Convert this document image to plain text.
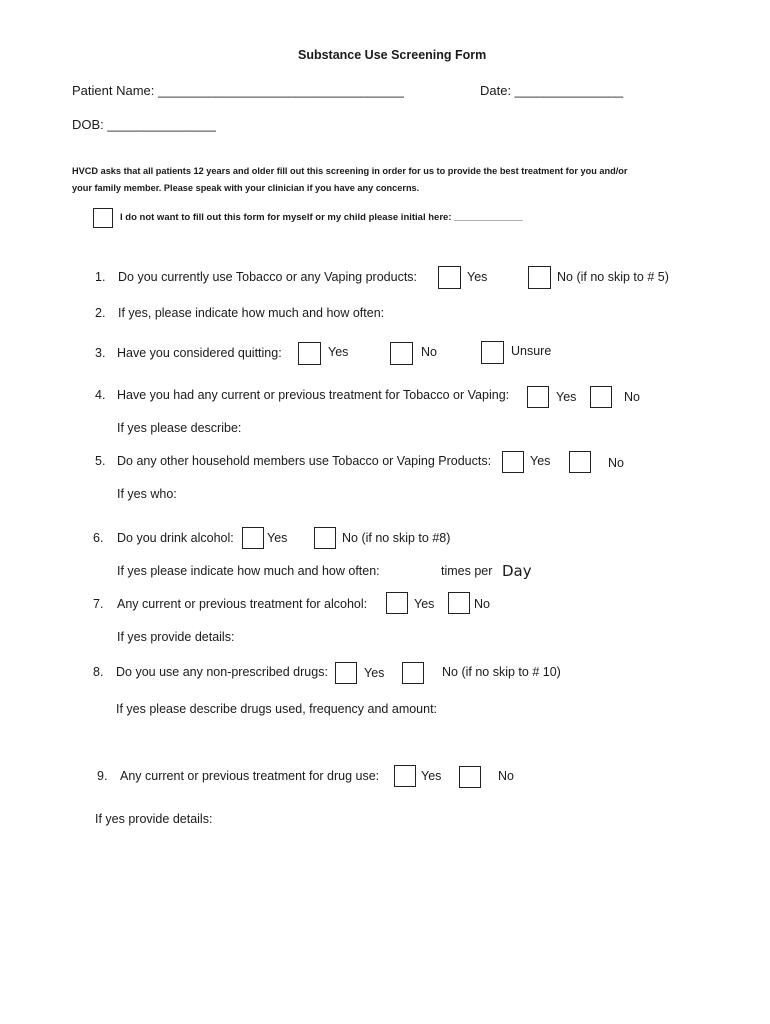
Substance Use Screening Form
Patient Name: __________________________________	Date: _______________
DOB: _______________
HVCD asks that all patients 12 years and older fill out this screening in order for us to provide the best treatment for you and/or
your family member. Please speak with your clinician if you have any concerns.
I do not want to fill out this form for myself or my child please initial here: _____________
1. Do you currently use Tobacco or any Vaping products:	Yes	No (if no skip to # 5)
2. If yes, please indicate how much and how often:
3. Have you considered quitting:	Yes	No	Unsure
4. Have you had any current or previous treatment for Tobacco or Vaping:	Yes	No
If yes please describe:
5. Do any other household members use Tobacco or Vaping Products:	Yes	No
If yes who:
6. Do you drink alcohol:	Yes	No (if no skip to #8)
If yes please indicate how much and how often:	times per Day
7. Any current or previous treatment for alcohol:	Yes	No
If yes provide details:
8. Do you use any non-prescribed drugs:	Yes	No (if no skip to # 10)
If yes please describe drugs used, frequency and amount:
9. Any current or previous treatment for drug use:	Yes	No
If yes provide details:
